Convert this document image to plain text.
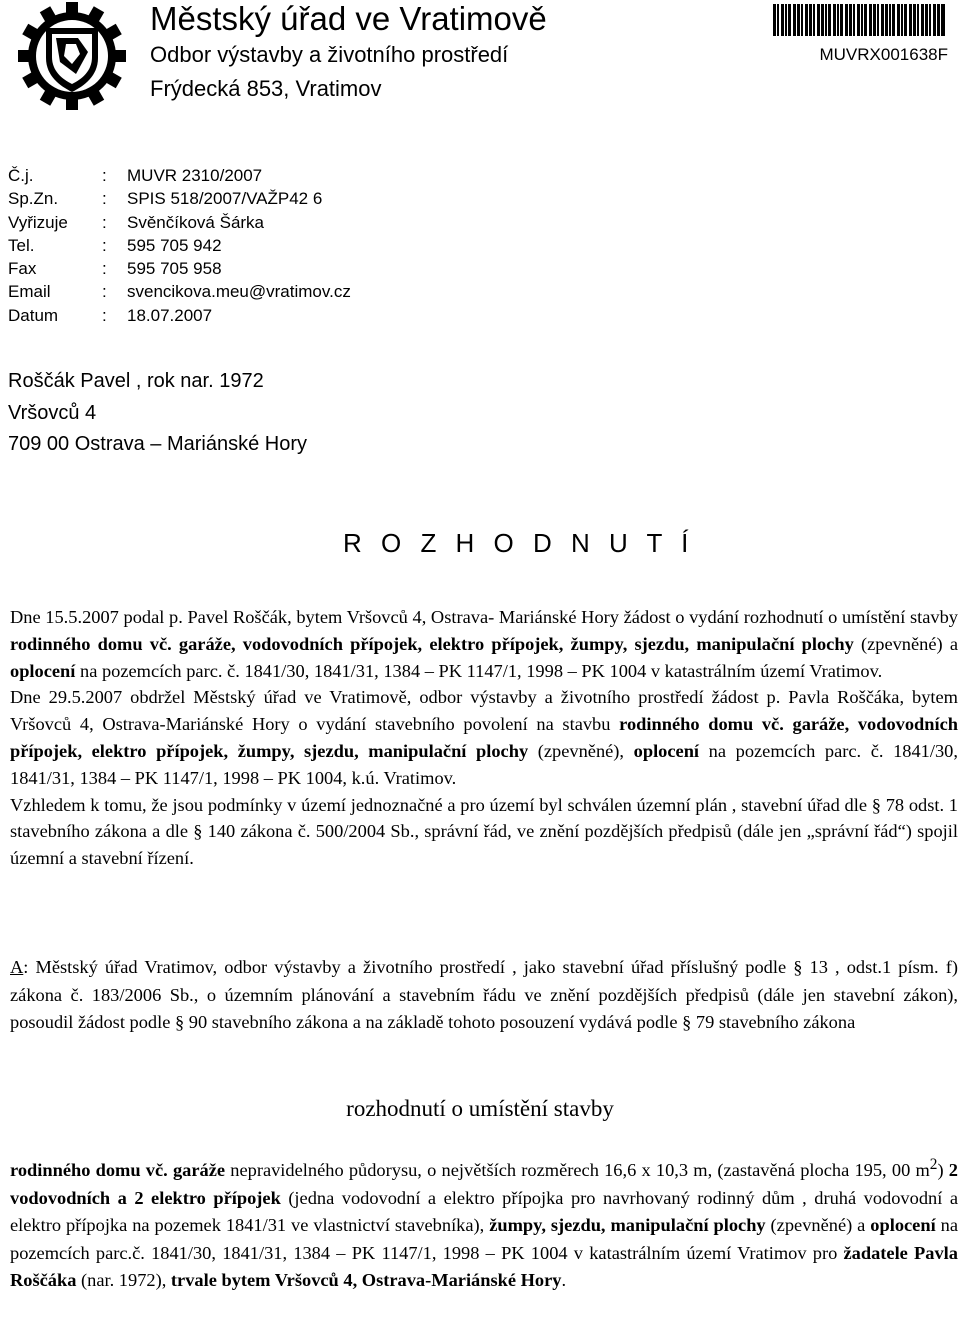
Městský úřad ve Vratimově
Odbor výstavby a životního prostředí
Frýdecká 853, Vratimov
MUVRX001638F
Č.j.	: MUVR 2310/2007
Sp.Zn.	: SPIS 518/2007/VAŽP42 6
Vyřizuje : Svěnčíková Šárka
Tel.	: 595 705 942
Fax	: 595 705 958
Email	: svencikova.meu@vratimov.cz
Datum	: 18.07.2007
Roščák Pavel , rok nar. 1972
Vršovců 4
709 00 Ostrava – Mariánské Hory
R O Z H O D N U T Í

Dne 15.5.2007 podal p. Pavel Roščák, bytem Vršovců 4, Ostrava- Mariánské Hory žádost o vydání rozhodnutí o umístění stavby rodinného domu vč. garáže, vodovodních přípojek, elektro přípojek, žumpy, sjezdu, manipulační plochy (zpevněné) a oplocení na pozemcích parc. č. 1841/30, 1841/31, 1384 – PK 1147/1, 1998 – PK 1004 v katastrálním území Vratimov.

Dne 29.5.2007 obdržel Městský úřad ve Vratimově, odbor výstavby a životního prostředí žádost p. Pavla Roščáka, bytem Vršovců 4, Ostrava-Mariánské Hory o vydání stavebního povolení na stavbu rodinného domu vč. garáže, vodovodních přípojek, elektro přípojek, žumpy, sjezdu, manipulační plochy (zpevněné), oplocení na pozemcích parc. č. 1841/30, 1841/31, 1384 – PK 1147/1, 1998 – PK 1004, k.ú. Vratimov.

Vzhledem k tomu, že jsou podmínky v území jednoznačné a pro území byl schválen územní plán , stavební úřad dle § 78 odst. 1 stavebního zákona a dle § 140 zákona č. 500/2004 Sb., správní řád, ve znění pozdějších předpisů (dále jen „správní řád“) spojil územní a stavební řízení.

A: Městský úřad Vratimov, odbor výstavby a životního prostředí , jako stavební úřad příslušný podle § 13 , odst.1 písm. f) zákona č. 183/2006 Sb., o územním plánování a stavebním řádu ve znění pozdějších předpisů (dále jen stavební zákon), posoudil žádost podle § 90 stavebního zákona a na základě tohoto posouzení vydává podle § 79 stavebního zákona

rozhodnutí o umístění stavby

rodinného domu vč. garáže nepravidelného půdorysu, o největších rozměrech 16,6 x 10,3 m, (zastavěná plocha 195, 00 $m^2$) 2 vodovodních a 2 elektro přípojek (jedna vodovodní a elektro přípojka pro navrhovaný rodinný dům , druhá vodovodní a elektro přípojka na pozemek 1841/31 ve vlastnictví stavebníka), žumpy, sjezdu, manipulační plochy (zpevněné) a oplocení na pozemcích parc.č. 1841/30, 1841/31, 1384 – PK 1147/1, 1998 – PK 1004 v katastrálním území Vratimov pro žadatele Pavla Roščáka (nar. 1972), trvale bytem Vršovců 4, Ostrava-Mariánské Hory.
